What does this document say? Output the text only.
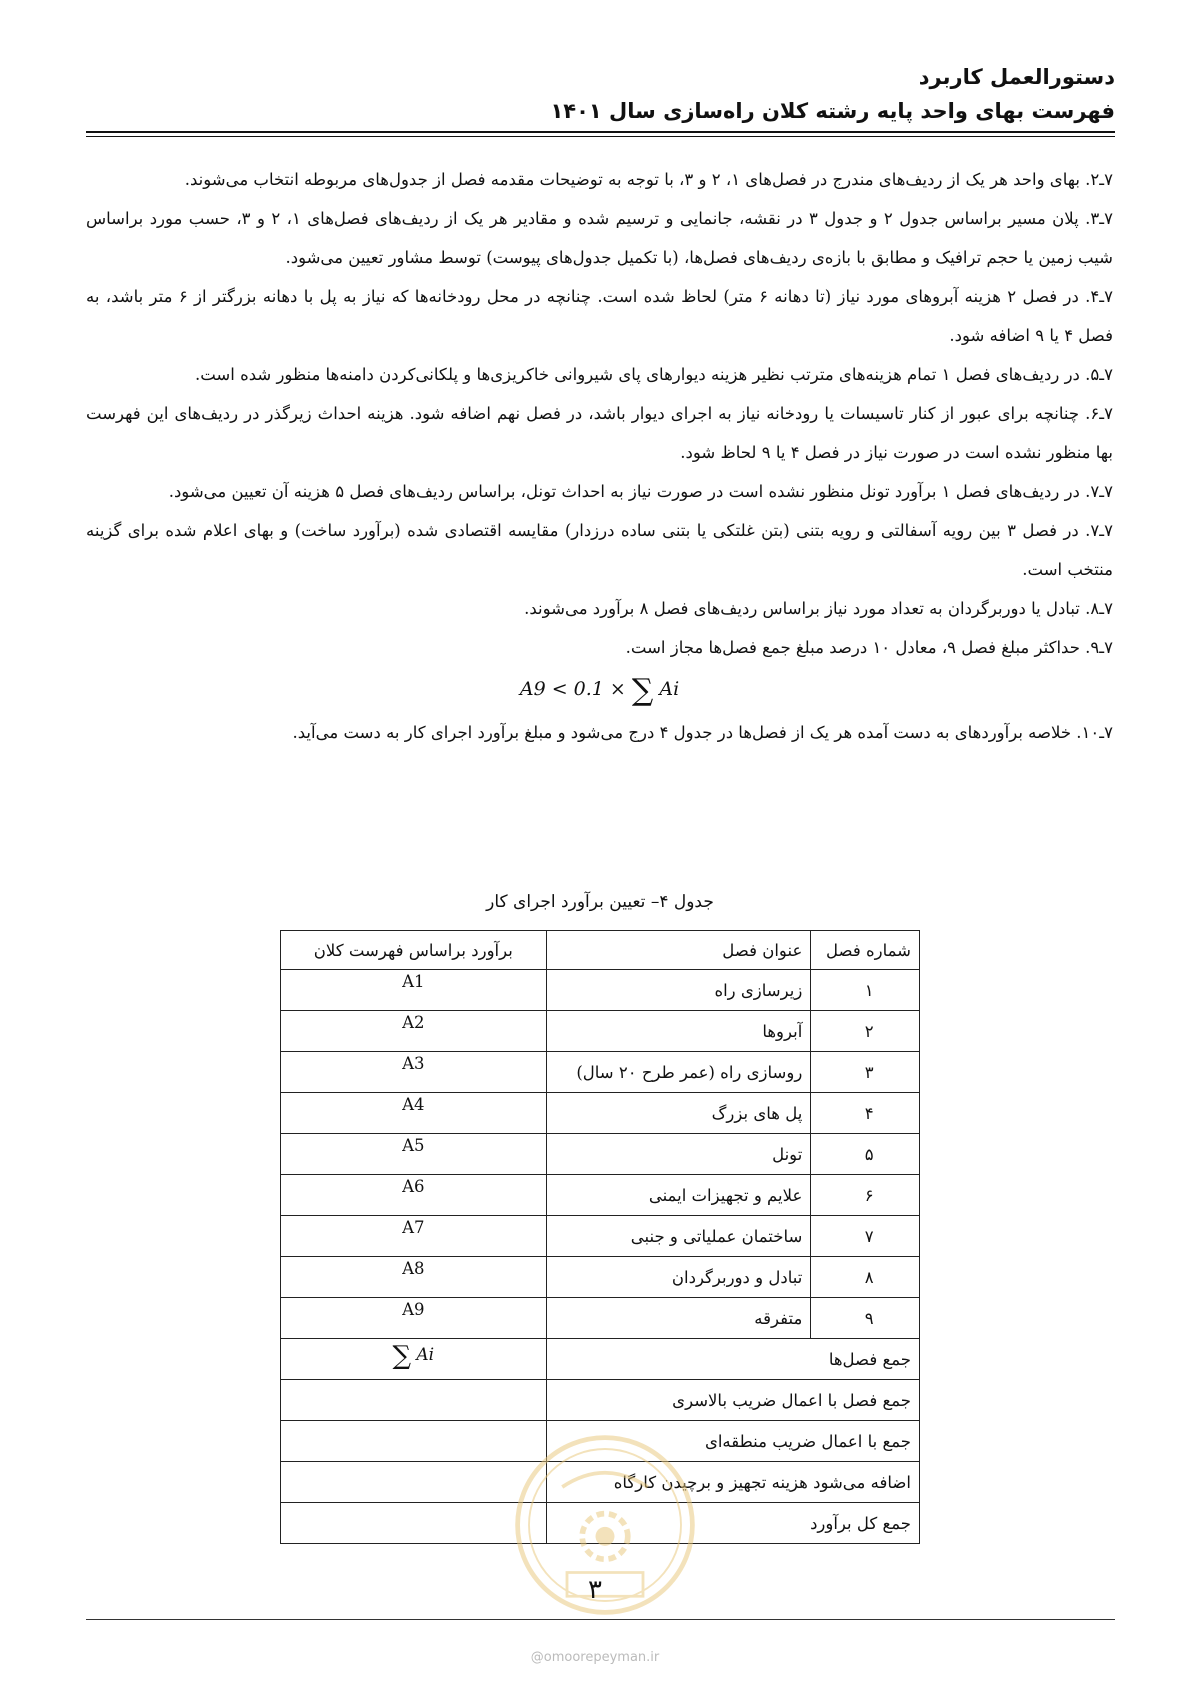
دستورالعمل کاربرد
فهرست بهای واحد پایه رشته کلان راه‌سازی سال ۱۴۰۱

۷ـ۲. بهای واحد هر یک از ردیف‌های مندرج در فصل‌های ۱، ۲ و ۳، با توجه به توضیحات مقدمه فصل از جدول‌های مربوطه انتخاب می‌شوند.

۷ـ۳. پلان مسیر براساس جدول ۲ و جدول ۳ در نقشه، جانمایی و ترسیم شده و مقادیر هر یک از ردیف‌های فصل‌های ۱، ۲ و ۳، حسب مورد براساس شیب زمین یا حجم ترافیک و مطابق با بازه‌ی ردیف‌های فصل‌ها، (با تکمیل جدول‌های پیوست) توسط مشاور تعیین می‌شود.

۷ـ۴. در فصل ۲ هزینه آبروهای مورد نیاز (تا دهانه ۶ متر) لحاظ شده است. چنانچه در محل رودخانه‌ها که نیاز به پل با دهانه بزرگتر از ۶ متر باشد، به فصل ۴ یا ۹ اضافه شود.

۷ـ۵. در ردیف‌های فصل ۱ تمام هزینه‌های مترتب نظیر هزینه دیوارهای پای شیروانی خاکریزی‌ها و پلکانی‌کردن دامنه‌ها منظور شده است.

۷ـ۶. چنانچه برای عبور از کنار تاسیسات یا رودخانه نیاز به اجرای دیوار باشد، در فصل نهم اضافه شود. هزینه احداث زیرگذر در ردیف‌های این فهرست بها منظور نشده است در صورت نیاز در فصل ۴ یا ۹ لحاظ شود.

۷ـ۷. در ردیف‌های فصل ۱ برآورد تونل منظور نشده است در صورت نیاز به احداث تونل، براساس ردیف‌های فصل ۵ هزینه آن تعیین می‌شود.

۷ـ۷. در فصل ۳ بین رویه آسفالتی و رویه بتنی (بتن غلتکی یا بتنی ساده درزدار) مقایسه اقتصادی شده (برآورد ساخت) و بهای اعلام شده برای گزینه منتخب است.

۷ـ۸. تبادل یا دوربرگردان به تعداد مورد نیاز براساس ردیف‌های فصل ۸ برآورد می‌شوند.

۷ـ۹. حداکثر مبلغ فصل ۹، معادل ۱۰ درصد مبلغ جمع فصل‌ها مجاز است.

A9 < 0.1 × ∑ Ai

۷ـ۱۰. خلاصه برآوردهای به دست آمده هر یک از فصل‌ها در جدول ۴ درج می‌شود و مبلغ برآورد اجرای کار به دست می‌آید.

جدول ۴– تعیین برآورد اجرای کار
شماره فصل	عنوان فصل	برآورد براساس فهرست کلان
۱	زیرسازی راه	A1
۲	آبروها	A2
۳	روسازی راه (عمر طرح ۲۰ سال)	A3
۴	پل های بزرگ	A4
۵	تونل	A5
۶	علایم و تجهیزات ایمنی	A6
۷	ساختمان عملیاتی و جنبی	A7
۸	تبادل و دوربرگردان	A8
۹	متفرقه	A9
جمع فصل‌ها		∑ Ai
جمع فصل با اعمال ضریب بالاسری		
جمع با اعمال ضریب منطقه‌ای		
اضافه می‌شود هزینه تجهیز و برچیدن کارگاه		
جمع کل برآورد		
۳
@omoorepeyman.ir
